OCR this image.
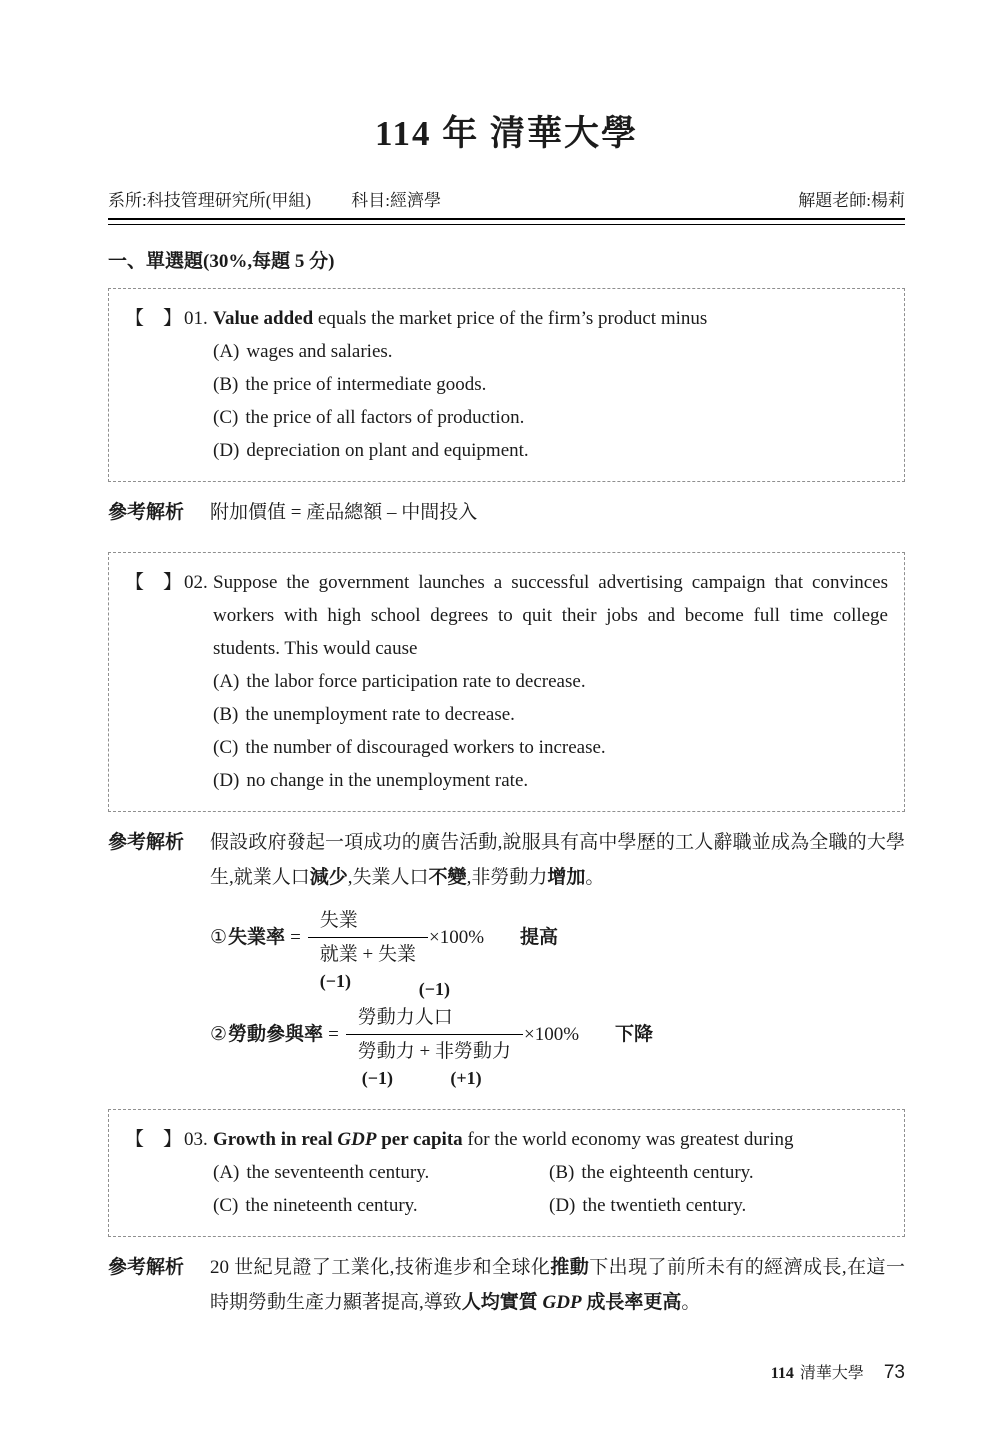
114 年 清華大學
系所:科技管理研究所(甲組) 科目:經濟學	解題老師:楊莉
一、單選題(30%,每題 5 分)
【　】 01. Value added equals the market price of the firm’s product minus
(A) wages and salaries.
(B) the price of intermediate goods.
(C) the price of all factors of production.
(D) depreciation on plant and equipment.
參考解析	附加價值 = 產品總額 – 中間投入
【　】 02. Suppose the government launches a successful advertising campaign that convinces workers with high school degrees to quit their jobs and become full time college students. This would cause
(A) the labor force participation rate to decrease.
(B) the unemployment rate to decrease.
(C) the number of discouraged workers to increase.
(D) no change in the unemployment rate.
參考解析	假設政府發起一項成功的廣告活動,說服具有高中學歷的工人辭職並成為全職的大學生,就業人口減少,失業人口不變,非勞動力增加。
① 失業率 =
失業
就業 + 失業
(−1)
×100% 提高
② 勞動參與率 =
(−1)
勞動力人口
勞動力 + 非勞動力
(−1)	(+1)
×100% 下降
【　】 03. Growth in real GDP per capita for the world economy was greatest during
(A) the seventeenth century.	(B) the eighteenth century.
(C) the nineteenth century.	(D) the twentieth century.
參考解析	20 世紀見證了工業化,技術進步和全球化推動下出現了前所未有的經濟成長,在這一時期勞動生產力顯著提高,導致人均實質 GDP 成長率更高。
114 清華大學 73
